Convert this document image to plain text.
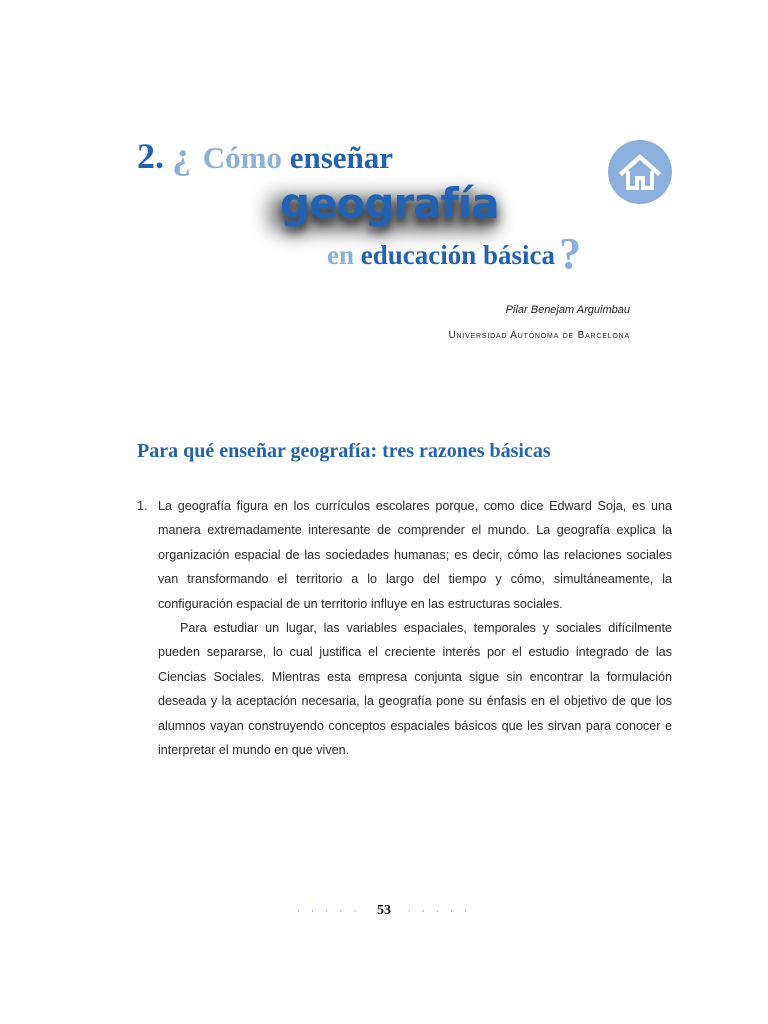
2. ¿ Cómo enseñar
geografía
en educación básica?
Pilar Benejam Arguimbau
Universidad Autónoma de Barcelona
Para qué enseñar geografía: tres razones básicas
1. La geografía figura en los currículos escolares porque, como dice Edward Soja, es una manera extremadamente interesante de comprender el mundo. La geografía explica la organización espacial de las sociedades humanas; es decir, cómo las relaciones sociales van transformando el territorio a lo largo del tiempo y cómo, simultáneamente, la configuración espacial de un territorio influye en las estructuras sociales.

Para estudiar un lugar, las variables espaciales, temporales y sociales difícilmente pueden separarse, lo cual justifica el creciente interés por el estudio integrado de las Ciencias Sociales. Mientras esta empresa conjunta sigue sin encontrar la formulación deseada y la aceptación necesaria, la geografía pone su énfasis en el objetivo de que los alumnos vayan construyendo conceptos espaciales básicos que les sirvan para conocer e interpretar el mundo en que viven.

· · · · · 53 · · · · ·
